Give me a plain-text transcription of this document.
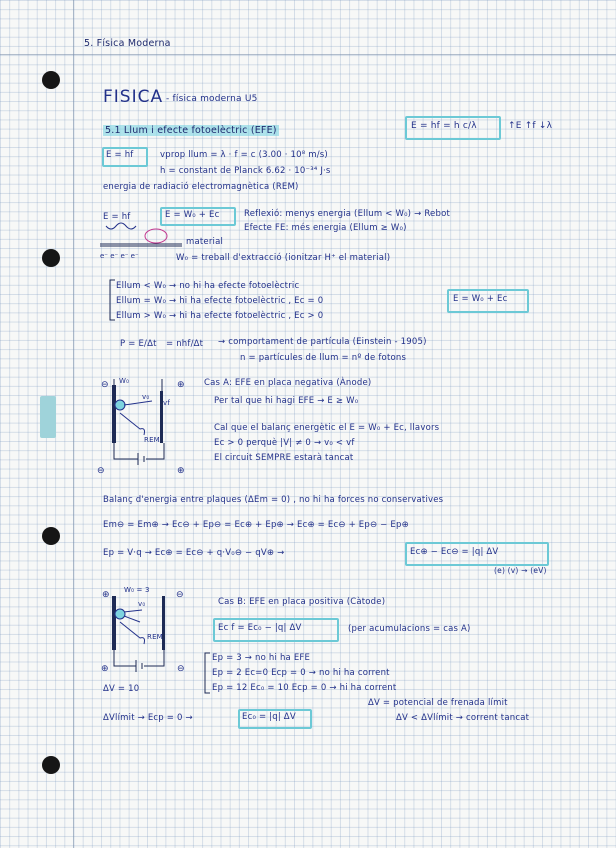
5. Física Moderna
FISICA - física moderna U5
5.1 Llum i efecte fotoelèctric (EFE)	E = hf = h c/λ	↑E ↑f ↓λ
E = hf	vprop llum = λ · f = c (3.00 · 10⁸ m/s)
h = constant de Planck 6.62 · 10⁻³⁴ J·s
energia de radiació electromagnètica (REM)
E = hf	E = W₀ + Ec	Reflexió: menys energia (Ellum < W₀) → Rebot
Efecte FE: més energia (Ellum ≥ W₀)
e⁻ e⁻ e⁻ e⁻
material
W₀ = treball d'extracció (ionitzar H⁺ el material)
Ellum < W₀ → no hi ha efecte fotoelèctric
Ellum = W₀ → hi ha efecte fotoelèctric , Ec = 0
Ellum > W₀ → hi ha efecte fotoelèctric , Ec > 0
E = W₀ + Ec
P = E/Δt = nhf/Δt → comportament de partícula (Einstein - 1905)
n = partícules de llum = nº de fotons
W₀
v₀
vf
REM
⊖	⊕
⊖	⊕
Cas A: EFE en placa negativa (Ànode)
Per tal que hi hagi EFE → E ≥ W₀
Cal que el balanç energètic el E = W₀ + Ec, llavors
Ec > 0 perquè |V| ≠ 0 → v₀ < vf
El circuit SEMPRE estarà tancat
Balanç d'energia entre plaques (ΔEm = 0) , no hi ha forces no conservatives
Em⊖ = Em⊕ → Ec⊖ + Ep⊖ = Ec⊕ + Ep⊕ → Ec⊕ = Ec⊖ + Ep⊖ − Ep⊕
Ep = V·q → Ec⊕ = Ec⊖ + q·V₀⊖ − qV⊕ →	Ec⊕ − Ec⊖ = |q| ΔV
(e) (v) → (eV)
W₀ = 3
v₀
REM
⊕	⊖
⊕	⊖
ΔV = 10
Cas B: EFE en placa positiva (Càtode)
Ec f = Ec₀ − |q| ΔV	(per acumulacions = cas A)
Ep = 3 → no hi ha EFE
Ep = 2 Ec=0 Ecp = 0 → no hi ha corrent
Ep = 12 Ec₀ = 10 Ecp = 0 → hi ha corrent
ΔV = potencial de frenada límit
ΔV < ΔVlímit → corrent tancat
ΔVlímit → Ecp = 0 →	Ec₀ = |q| ΔV
